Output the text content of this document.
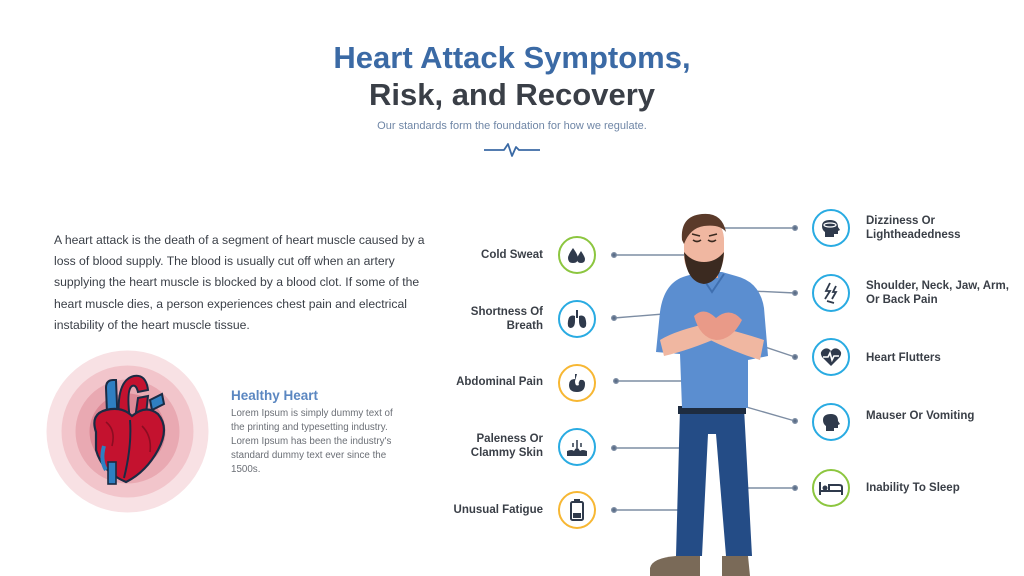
Heart Attack Symptoms,
Risk, and Recovery
Our standards form the foundation for how we regulate.

A heart attack is the death of a segment of heart muscle caused by a loss of blood supply. The blood is usually cut off when an artery supplying the heart muscle is blocked by a blood clot. If some of the heart muscle dies, a person experiences chest pain and electrical instability of the heart muscle tissue.

Healthy Heart

Lorem Ipsum is simply dummy text of the printing and typesetting industry. Lorem Ipsum has been the industry's standard dummy text ever since the 1500s.

Cold Sweat
Shortness Of Breath
Abdominal Pain
Paleness Or Clammy Skin
Unusual Fatigue
Dizziness Or Lightheadedness
Shoulder, Neck, Jaw, Arm, Or Back Pain
Heart Flutters
Mauser Or Vomiting
Inability To Sleep
